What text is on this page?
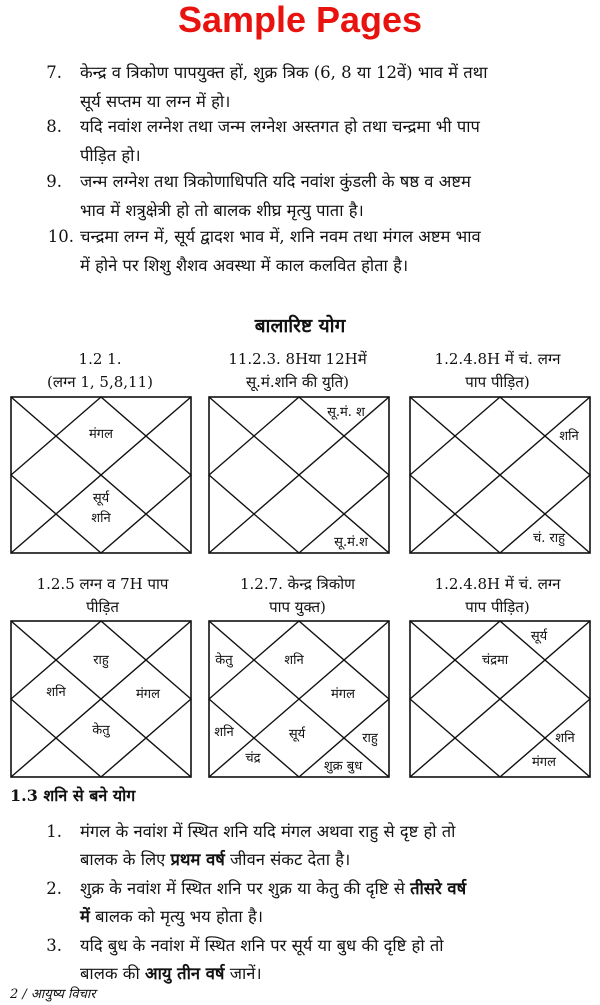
Sample Pages
7. केन्द्र व त्रिकोण पापयुक्त हों, शुक्र त्रिक (6, 8 या 12वें) भाव में तथा
सूर्य सप्तम या लग्न में हो।
8. यदि नवांश लग्नेश तथा जन्म लग्नेश अस्तगत हो तथा चन्द्रमा भी पाप
पीड़ित हो।
9. जन्म लग्नेश तथा त्रिकोणाधिपति यदि नवांश कुंडली के षष्ठ व अष्टम
भाव में शत्रुक्षेत्री हो तो बालक शीघ्र मृत्यु पाता है।
10. चन्द्रमा लग्न में, सूर्य द्वादश भाव में, शनि नवम तथा मंगल अष्टम भाव
में होने पर शिशु शैशव अवस्था में काल कलवित होता है।
बालारिष्ट योग
1.2 1.
(लग्न 1, 5,8,11)
11.2.3. 8Hया 12Hमें
सू.मं.शनि की युति)
1.2.4.8H में चं. लग्न
पाप पीड़ित)
मंगल
सूर्य
शनि
सू.मं. श
सू.मं.श
शनि
चं. राहु
1.2.5 लग्न व 7H पाप
पीड़ित
1.2.7. केन्द्र त्रिकोण
पाप युक्त)
1.2.4.8H में चं. लग्न
पाप पीड़ित)
राहु
शनि	मंगल
केतु
केतु	शनि
मंगल
शनि	सूर्य	राहु
चंद्र
शुक्र बुध
सूर्य
चंद्रमा
शनि
मंगल
1.3 शनि से बने योग
1. मंगल के नवांश में स्थित शनि यदि मंगल अथवा राहु से दृष्ट हो तो
बालक के लिए प्रथम वर्ष जीवन संकट देता है।
2. शुक्र के नवांश में स्थित शनि पर शुक्र या केतु की दृष्टि से तीसरे वर्ष
में बालक को मृत्यु भय होता है।
3. यदि बुध के नवांश में स्थित शनि पर सूर्य या बुध की दृष्टि हो तो
बालक की आयु तीन वर्ष जानें।
2 / आयुष्य विचार
